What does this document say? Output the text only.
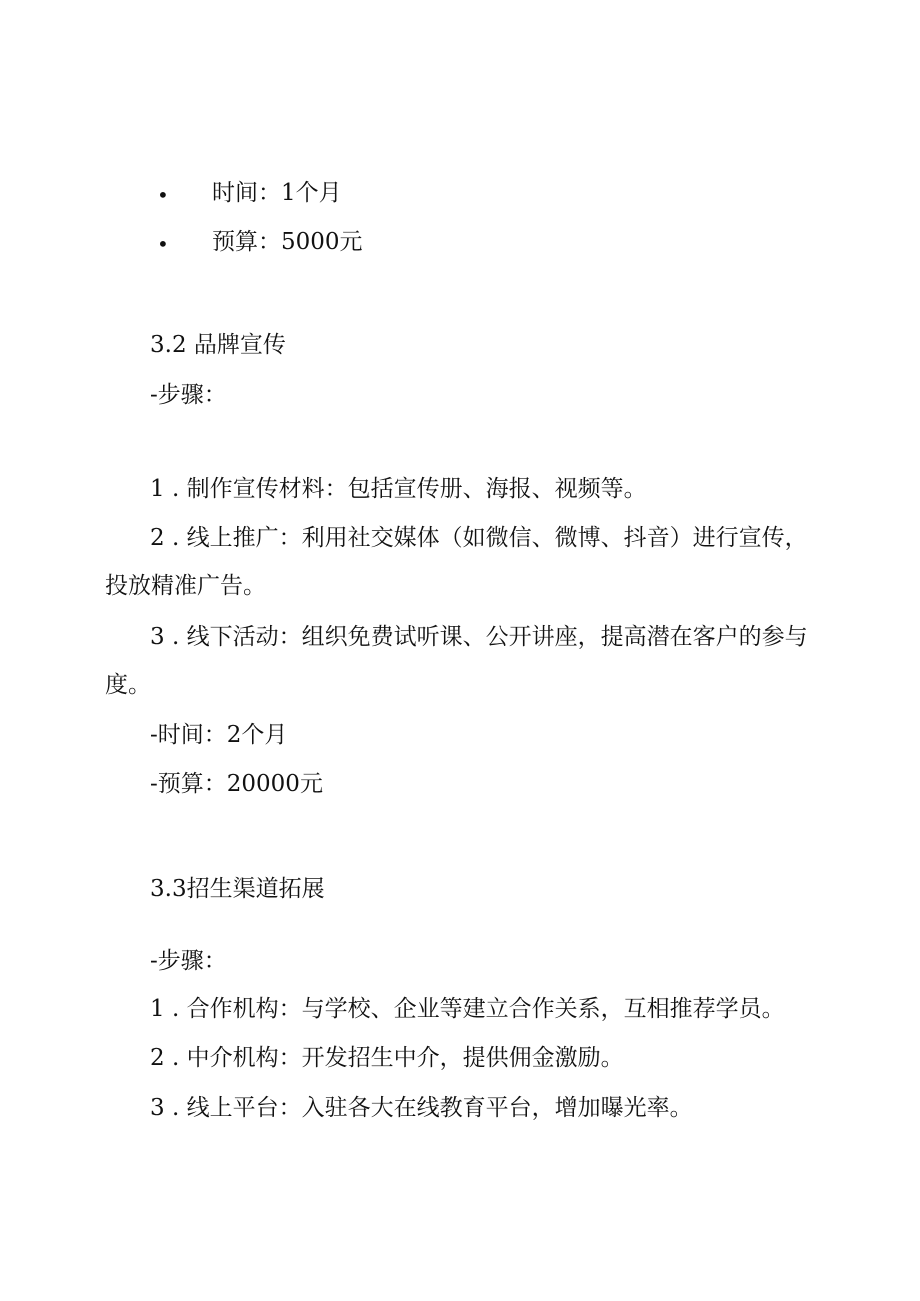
• 时间：1个月
• 预算：5000元
3.2 品牌宣传
-步骤：
1 . 制作宣传材料：包括宣传册、海报、视频等。
2 . 线上推广：利用社交媒体（如微信、微博、抖音）进行宣传，
投放精准广告。
3 . 线下活动：组织免费试听课、公开讲座，提高潜在客户的参与
度。
-时间：2个月
-预算：20000元
3.3招生渠道拓展
-步骤：
1 . 合作机构：与学校、企业等建立合作关系，互相推荐学员。
2 . 中介机构：开发招生中介，提供佣金激励。
3 . 线上平台：入驻各大在线教育平台，增加曝光率。
